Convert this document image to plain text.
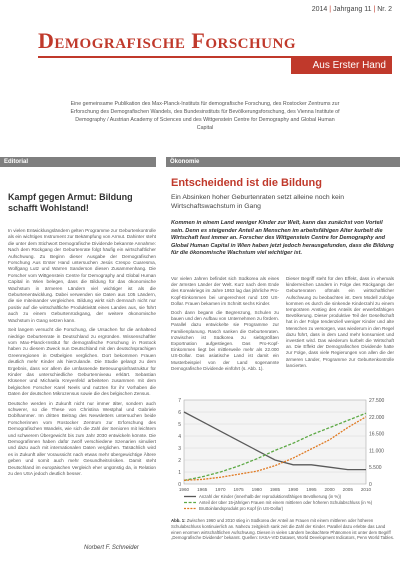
2014 | Jahrgang 11 | Nr. 2
Demografische Forschung
Aus Erster Hand
Eine gemeinsame Publikation des Max-Planck-Instituts für demografische Forschung, des Rostocker Zentrums zur Erforschung des Demografischen Wandels, des Bundesinstituts für Bevölkerungsforschung, des Vienna Institute of Demography / Austrian Academy of Sciences und des Wittgenstein Centre for Demography and Global Human Capital
Editorial	Ökonomie
Kampf gegen Armut: Bildung schafft Wohlstand!

In vielen Entwicklungsländern gelten Programme zur Geburtenkontrolle als ein wichtiges Instrument zur Bekämpfung von Armut. Dahinter steht die unter dem Stichwort Demografische Dividende bekannte Annahme: Nach dem Rückgang der Geburtenrate folgt häufig ein wirtschaftlicher Aufschwung. Zu Beginn dieser Ausgabe der Demografischen Forschung Aus Erster Hand untersuchen Jesús Crespo Cuaresma, Wolfgang Lutz und Warren Sanderson diesen Zusammenhang. Die Forscher vom Wittgenstein Centre for Demography and Global Human Capital in Wien belegen, dass die Bildung für das ökonomische Wachstum in ärmeren Ländern viel wichtiger ist als die Geburtenentwicklung. Dabei verwenden sie Daten aus 105 Ländern, die sie miteinander vergleichen. Bildung wirkt sich demnach nicht nur positiv auf die wirtschaftliche Produktivität eines Landes aus, sie führt auch zu einem Geburtenrückgang, der weitere ökonomische Wachstum in Gang setzen kann.

Seit langem versucht die Forschung, die Ursachen für die anhaltend niedrige Geburtenrate in Deutschland zu ergründen. Wissenschaftler vom Max-Planck-Institut für demografische Forschung in Rostock haben zu diesem Zweck nun Deutschland mit den deutschsprachigen Greenregionen in Ostbelgien verglichen. Dort bekommen Frauen deutlich mehr Kinder als hierzulande. Die Studie gelangt zu dem Ergebnis, dass vor allem die umfassende Betreuungsinfrastruktur für Kinder das unterschiedliche Geburtenniveau erklärt. Sebastian Klüsener und Michaela Kreyenfeld arbeiteten zusammen mit dem belgischen Forscher Karel Neels und nutzten für ihr Vorhaben die Daten der deutschen Mikrozensus sowie die des belgischen Zensus.

Deutsche werden in Zukunft nicht nur immer älter, sondern auch schwerer, so die These von Christina Westphal und Gabriele Doblhammer. Im dritten Beitrag des Newsletters untersuchen beide Forscherinnen vom Rostocker Zentrum zur Erforschung des Demografischen Wandels, wie sich die Zahl der Senioren mit leichtem und schwerem Übergewicht bis zum Jahr 2030 entwickeln könnte. Die Demografinnen haben dafür zwölf verschiedene Szenarien simuliert und dazu auch mit internationalen Daten verglichen. Tatsächlich wird es in Zukunft aller Voraussicht nach etwas mehr übergewichtige Ältere geben und somit auch mehr Gesundheitsrisiken. Damit steht Deutschland im europäischen Vergleich eher ungünstig da, in Relation zu den USA jedoch deutlich besser.

Norbert F. Schneider
Entscheidend ist die Bildung
Ein Absinken hoher Geburtenraten setzt alleine noch kein Wirtschaftswachstum in Gang
Kommen in einem Land weniger Kinder zur Welt, kann das zunächst von Vorteil sein. Denn es steigender Anteil an Menschen im arbeitsfähigen Alter kurbelt die Wirtschaft fast immer an. Forscher des Wittgenstein Centre for Demography and Global Human Capital in Wien haben jetzt jedoch herausgefunden, dass die Bildung für die ökonomische Wachstum viel wichtiger ist.

Vor vielen Jahren befindet sich Südkorea als eines der ärmsten Länder der Welt. Kurz nach dem Ende des Koreakriegs im Jahre 1953 lag das jährliche Pro-Kopf-Einkommen bei umgerechnet rund 100 US-Dollar. Frauen bekamen im Schnitt sechs Kinder.

Doch dann begann die Begrenzung, Schulen zu bauen und den Aufbau von Unternehmen zu fördern. Parallel dazu entwickelte sie Programme zur Familienplanung. Rasch sanken die Geburtenraten. Inzwischen ist Südkorea zu siebtgrößten Exportnation aufgestiegen. Das Pro-Kopf-Einkommen liegt bei mittlerweile mehr als 22.000 US-Dollar. Das asiatische Land ist damit ein Musterbeispiel von der Land sogenannte Demografische Dividende einführt (s. Abb. 1).

Dieser Begriff steht für den Effekt, dass in ehemals kinderreichen Ländern in Folge des Rückgangs der Geburtenraten oftmals ein wirtschaftlicher Aufschwung zu beobachten ist. Dem Modell zufolge kommen es durch die sinkende Kinderzahl zu einem temporären Anstieg des Anteils der erwerbsfähigen Bevölkerung. Dieser produktive Teil der Gesellschaft hat in der Folge tendenziell weniger Kinder und alte Menschen zu versorgen, was wiederum in den Regel dazu führt, dass in dem Land mehr konsumiert und investiert wird. Das wiederum kurbelt die Wirtschaft an. Die Effekt der Demografischen Dividende hatte zur Folge, dass viele Regierungen von allen die der ärmeren Länder, Programme zur Geburtenkontrolle lancierten.

0
1
2
3
4
5
6
7
0
5.500
11.000
16.500
22.000
27.500
1960 1965 1970 1975 1980 1985 1990 1995 2000 2005 2010
Anzahl der Kinder (innerhalb der reproduktionsfähigen Bevölkerung (in %))
Anteil der über 15-jährigen Frauen mit einem mittleren oder höheren Schulabschluss (in %)
Bruttoinlandsprodukt pro Kopf (in US-Dollar)
Abb. 1: Zwischen 1960 und 2010 stieg in Südkorea der Anteil an Frauen mit einem mittleren oder höheren Schulabschluss kontinuierlich an. Nahezu zeitgleich sank zeit die Zahl der Kinder. Parallel dazu erlebte das Land einen enormen wirtschaftlichen Aufschwung. Diesen in vielen Ländern beobachtete Phänomen ist unter dem Begriff „Demografische Dividende“ bekannt. Quellen: IIASA-VID Dataset, World Development Indicators, Penn World Tables.
